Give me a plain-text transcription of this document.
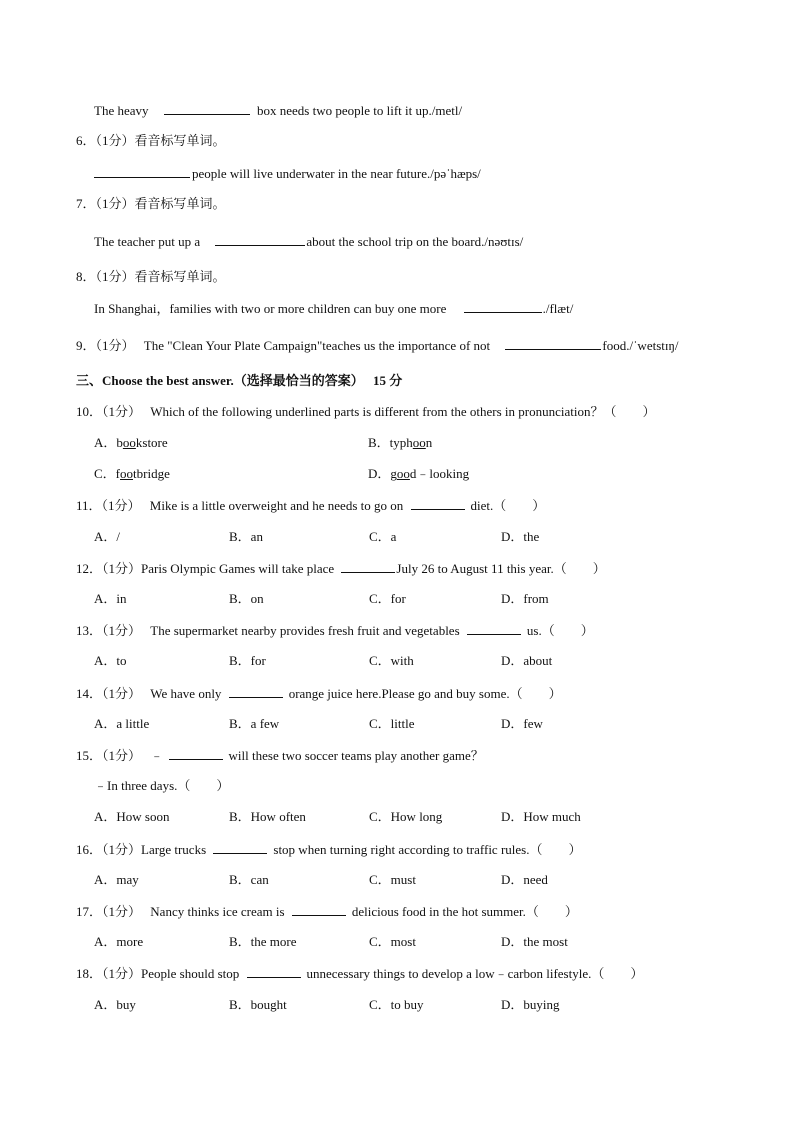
The heavy	box needs two people to lift it up./metl/
6．（1分）看音标写单词。
people will live underwater in the near future./pəˈhæps/
7．（1分）看音标写单词。
The teacher put up a	about the school trip on the board./nəʊtɪs/
8．（1分）看音标写单词。
In Shanghai，families with two or more children can buy one more	./flæt/
9．（1分） The "Clean Your Plate Campaign"teaches us the importance of not	food./ˈwetstɪŋ/
三、Choose the best answer.（选择最恰当的答案） 15 分
10．（1分） Which of the following underlined parts is different from the others in pronunciation？（　　）
A．bookstore	B．typhoon
C．footbridge	D．good﹣looking
11．（1分） Mike is a little overweight and he needs to go on	diet.（　　）
A．/	B．an	C．a	D．the
12．（1分）Paris Olympic Games will take place	July 26 to August 11 this year.（　　）
A．in	B．on	C．for	D．from
13．（1分） The supermarket nearby provides fresh fruit and vegetables	us.（　　）
A．to	B．for	C．with	D．about
14．（1分） We have only	orange juice here.Please go and buy some.（　　）
A．a little	B．a few	C．little	D．few
15．（1分） ﹣	will these two soccer teams play another game？
﹣In three days.（　　）
A．How soon	B．How often	C．How long	D．How much
16．（1分）Large trucks	stop when turning right according to traffic rules.（　　）
A．may	B．can	C．must	D．need
17．（1分） Nancy thinks ice cream is	delicious food in the hot summer.（　　）
A．more	B．the more	C．most	D．the most
18．（1分）People should stop	unnecessary things to develop a low﹣carbon lifestyle.（　　）
A．buy	B．bought	C．to buy	D．buying
